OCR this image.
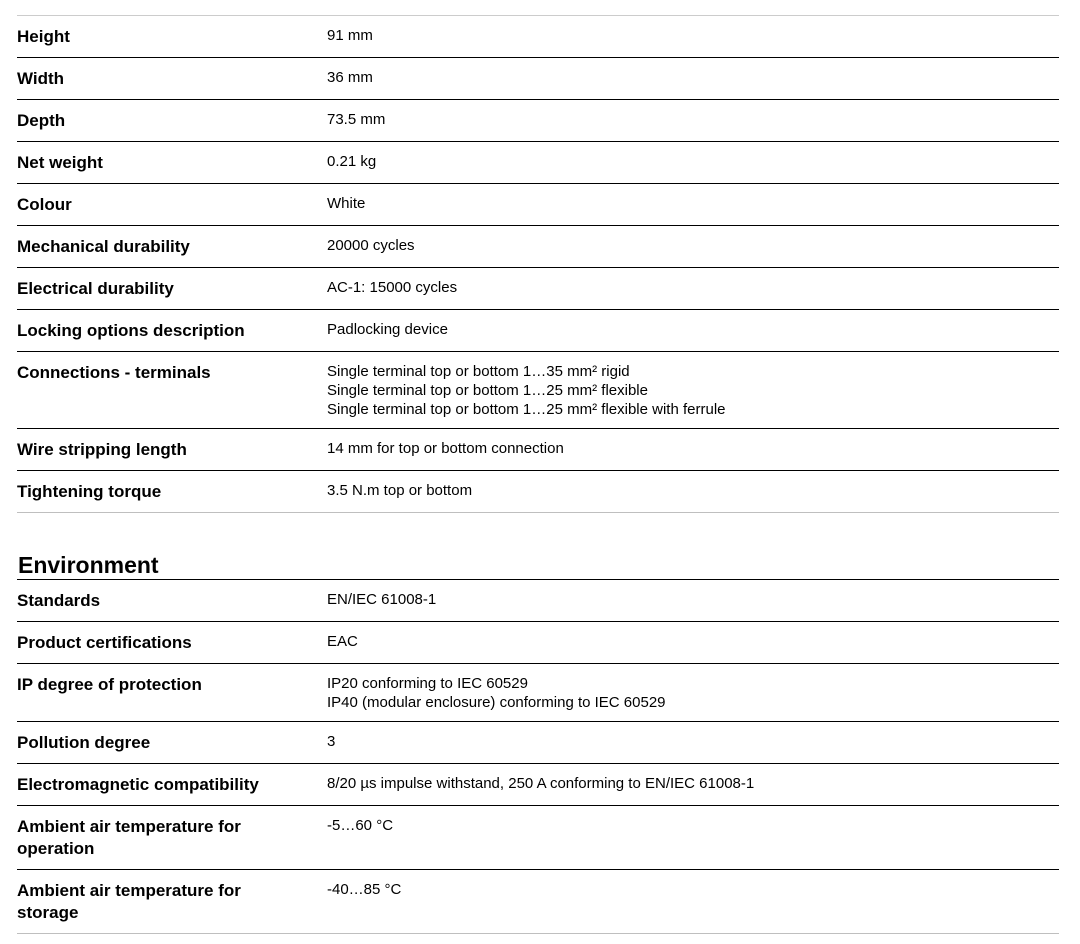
Height	91 mm

Width	36 mm

Depth	73.5 mm

Net weight	0.21 kg

Colour	White

Mechanical durability	20000 cycles

Electrical durability	AC-1: 15000 cycles

Locking options description	Padlocking device

Connections - terminals	Single terminal top or bottom 1…35 mm² rigid
Single terminal top or bottom 1…25 mm² flexible
Single terminal top or bottom 1…25 mm² flexible with ferrule

Wire stripping length	14 mm for top or bottom connection

Tightening torque	3.5 N.m top or bottom
Environment
Standards	EN/IEC 61008-1

Product certifications	EAC

IP degree of protection	IP20 conforming to IEC 60529
IP40 (modular enclosure) conforming to IEC 60529

Pollution degree	3

Electromagnetic compatibility	8/20 µs impulse withstand, 250 A conforming to EN/IEC 61008-1

Ambient air temperature for
operation	-5…60 °C

Ambient air temperature for
storage	-40…85 °C
